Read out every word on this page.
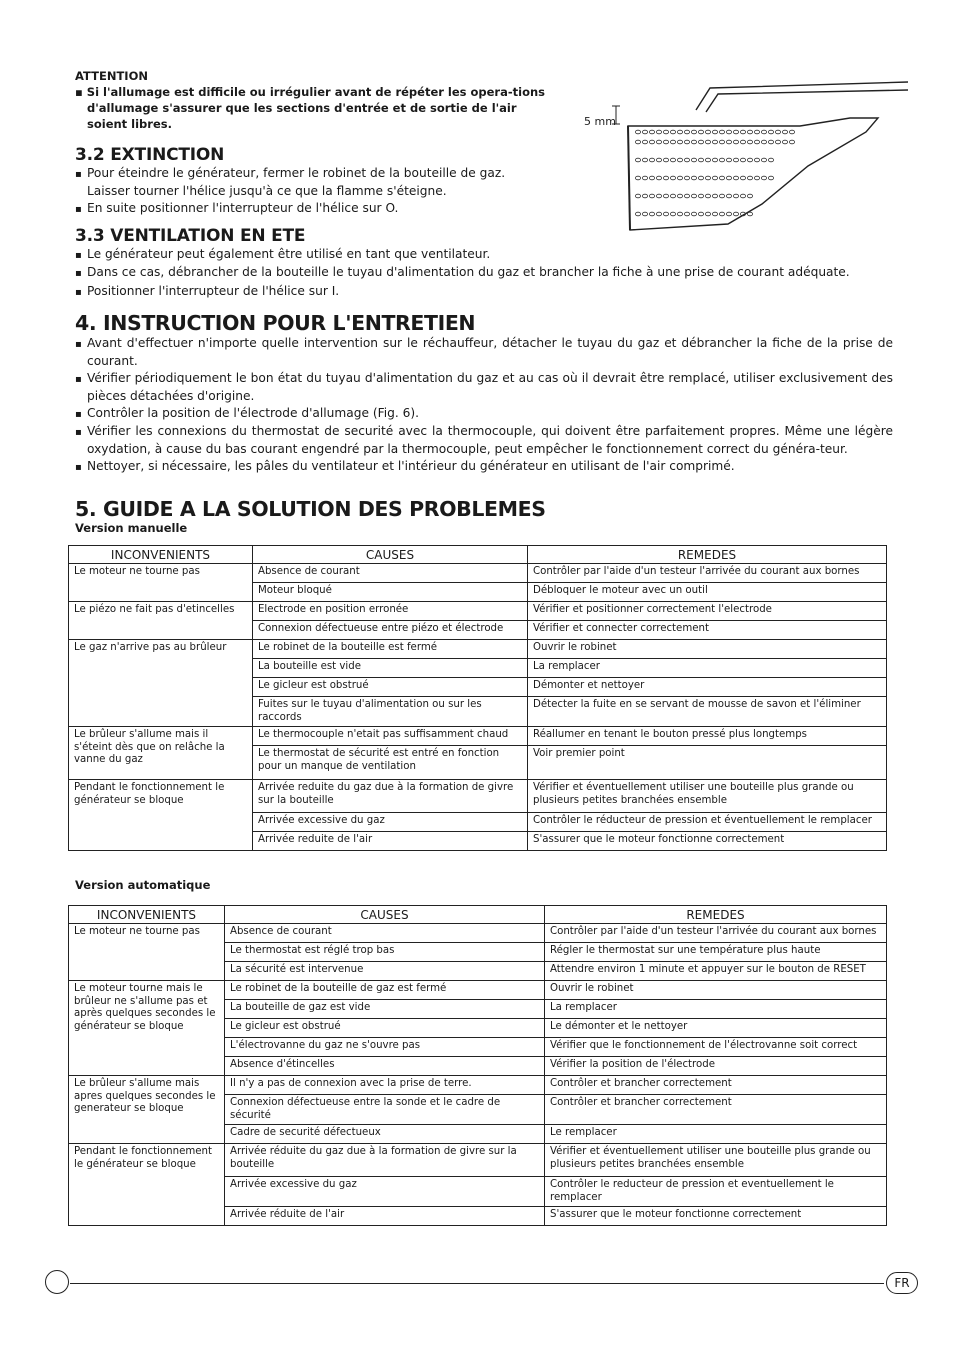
ATTENTION
▪ Si l'allumage est difficile ou irrégulier avant de répéter les opera-tions d'allumage s'assurer que les sections d'entrée et de sortie de l'air soient libres.	5 mm
3.2 EXTINCTION
▪ Pour éteindre le générateur, fermer le robinet de la bouteille de gaz. Laisser tourner l'hélice jusqu'à ce que la flamme s'éteigne.
▪ En suite positionner l'interrupteur de l'hélice sur O.
3.3 VENTILATION EN ETE
▪ Le générateur peut également être utilisé en tant que ventilateur.
▪ Dans ce cas, débrancher de la bouteille le tuyau d'alimentation du gaz et brancher la fiche à une prise de courant adéquate.
▪ Positionner l'interrupteur de l'hélice sur I.
4. INSTRUCTION POUR L'ENTRETIEN
▪ Avant d'effectuer n'importe quelle intervention sur le réchauffeur, détacher le tuyau du gaz et débrancher la fiche de la prise de courant.
▪ Vérifier périodiquement le bon état du tuyau d'alimentation du gaz et au cas où il devrait être remplacé, utiliser exclusivement des pièces détachées d'origine.
▪ Contrôler la position de l'électrode d'allumage (Fig. 6).
▪ Vérifier les connexions du thermostat de securité avec la thermocouple, qui doivent être parfaitement propres. Même une légère oxydation, à cause du bas courant engendré par la thermocouple, peut empêcher le fonctionnement correct du généra-teur.
▪ Nettoyer, si nécessaire, les pâles du ventilateur et l'intérieur du générateur en utilisant de l'air comprimé.
5. GUIDE A LA SOLUTION DES PROBLEMES
Version manuelle
INCONVENIENTS	CAUSES	REMEDES
Le moteur ne tourne pas	Absence de courant	Contrôler par l'aide d'un testeur l'arrivée du courant aux bornes
	Moteur bloqué	Débloquer le moteur avec un outil
Le piézo ne fait pas d'etincelles	Electrode en position erronée	Vérifier et positionner correctement l'electrode
	Connexion défectueuse entre piézo et électrode	Vérifier et connecter correctement
Le gaz n'arrive pas au brûleur	Le robinet de la bouteille est fermé	Ouvrir le robinet
	La bouteille est vide	La remplacer
	Le gicleur est obstrué	Démonter et nettoyer
	Fuites sur le tuyau d'alimentation ou sur les raccords	Détecter la fuite en se servant de mousse de savon et l'éliminer
Le brûleur s'allume mais il s'éteint dès que on relâche la vanne du gaz	Le thermocouple n'etait pas suffisamment chaud	Réallumer en tenant le bouton pressé plus longtemps
	Le thermostat de sécurité est entré en fonction pour un manque de ventilation	Voir premier point
Pendant le fonctionnement le générateur se bloque	Arrivée reduite du gaz due à la formation de givre sur la bouteille	Vérifier et éventuellement utiliser une bouteille plus grande ou plusieurs petites branchées ensemble
	Arrivée excessive du gaz	Contrôler le réducteur de pression et éventuellement le remplacer
	Arrivée reduite de l'air	S'assurer que le moteur fonctionne correctement
Version automatique
INCONVENIENTS	CAUSES	REMEDES
Le moteur ne tourne pas	Absence de courant	Contrôler par l'aide d'un testeur l'arrivée du courant aux bornes
	Le thermostat est réglé trop bas	Régler le thermostat sur une température plus haute
	La sécurité est intervenue	Attendre environ 1 minute et appuyer sur le bouton de RESET
Le moteur tourne mais le brûleur ne s'allume pas et après quelques secondes le générateur se bloque	Le robinet de la bouteille de gaz est fermé	Ouvrir le robinet
	La bouteille de gaz est vide	La remplacer
	Le gicleur est obstrué	Le démonter et le nettoyer
	L'électrovanne du gaz ne s'ouvre pas	Vérifier que le fonctionnement de l'électrovanne soit correct
	Absence d'étincelles	Vérifier la position de l'électrode
Le brûleur s'allume mais apres quelques secondes le generateur se bloque	Il n'y a pas de connexion avec la prise de terre.	Contrôler et brancher correctement
	Connexion défectueuse entre la sonde et le cadre de sécurité	Contrôler et brancher correctement
	Cadre de securité défectueux	Le remplacer
Pendant le fonctionnement le générateur se bloque	Arrivée réduite du gaz due à la formation de givre sur la bouteille	Vérifier et éventuellement utiliser une bouteille plus grande ou plusieurs petites branchées ensemble
	Arrivée excessive du gaz	Contrôler le reducteur de pression et eventuellement le remplacer
	Arrivée réduite de l'air	S'assurer que le moteur fonctionne correctement
FR
